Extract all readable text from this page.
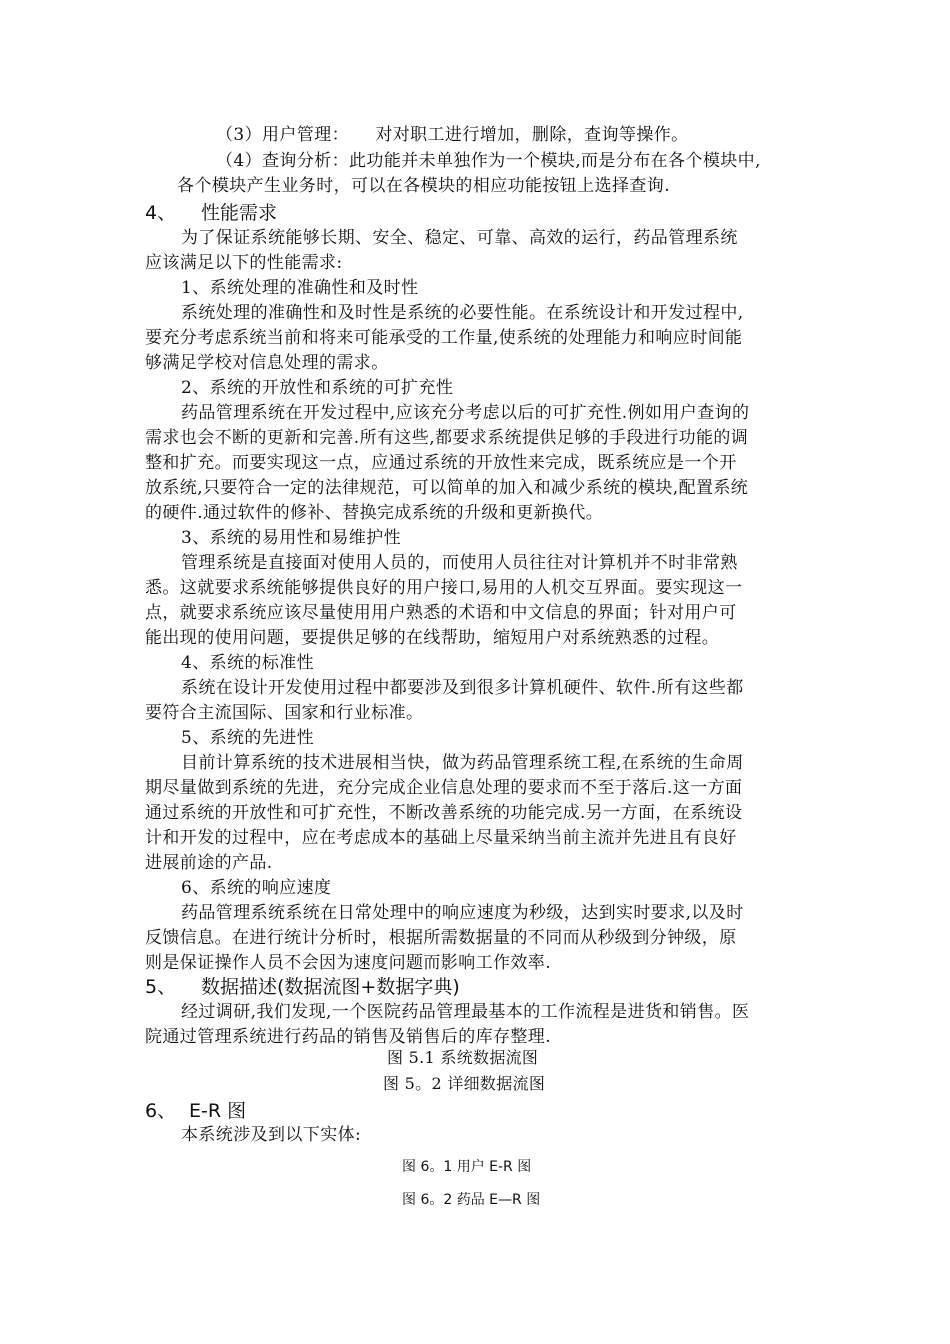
（3）用户管理：　　对对职工进行增加，删除，查询等操作。
（4）查询分析：此功能并未单独作为一个模块,而是分布在各个模块中,
各个模块产生业务时，可以在各模块的相应功能按钮上选择查询.
4、 性能需求
为了保证系统能够长期、安全、稳定、可靠、高效的运行，药品管理系统
应该满足以下的性能需求:
1、系统处理的准确性和及时性
系统处理的准确性和及时性是系统的必要性能。在系统设计和开发过程中,
要充分考虑系统当前和将来可能承受的工作量,使系统的处理能力和响应时间能
够满足学校对信息处理的需求。
2、系统的开放性和系统的可扩充性
药品管理系统在开发过程中,应该充分考虑以后的可扩充性.例如用户查询的
需求也会不断的更新和完善.所有这些,都要求系统提供足够的手段进行功能的调
整和扩充。而要实现这一点，应通过系统的开放性来完成，既系统应是一个开
放系统,只要符合一定的法律规范，可以简单的加入和减少系统的模块,配置系统
的硬件.通过软件的修补、替换完成系统的升级和更新换代。
3、系统的易用性和易维护性
管理系统是直接面对使用人员的，而使用人员往往对计算机并不时非常熟
悉。这就要求系统能够提供良好的用户接口,易用的人机交互界面。要实现这一
点，就要求系统应该尽量使用用户熟悉的术语和中文信息的界面；针对用户可
能出现的使用问题，要提供足够的在线帮助，缩短用户对系统熟悉的过程。
4、系统的标准性
系统在设计开发使用过程中都要涉及到很多计算机硬件、软件.所有这些都
要符合主流国际、国家和行业标准。
5、系统的先进性
目前计算系统的技术进展相当快，做为药品管理系统工程,在系统的生命周
期尽量做到系统的先进，充分完成企业信息处理的要求而不至于落后.这一方面
通过系统的开放性和可扩充性，不断改善系统的功能完成.另一方面，在系统设
计和开发的过程中，应在考虑成本的基础上尽量采纳当前主流并先进且有良好
进展前途的产品.
6、系统的响应速度
药品管理系统系统在日常处理中的响应速度为秒级，达到实时要求,以及时
反馈信息。在进行统计分析时，根据所需数据量的不同而从秒级到分钟级，原
则是保证操作人员不会因为速度问题而影响工作效率.
5、 数据描述(数据流图+数据字典)
经过调研,我们发现,一个医院药品管理最基本的工作流程是进货和销售。医
院通过管理系统进行药品的销售及销售后的库存整理.
图 5.1 系统数据流图
图 5。2 详细数据流图
6、 E-R 图
本系统涉及到以下实体:
图 6。1 用户 E-R 图
图 6。2 药品 E—R 图
